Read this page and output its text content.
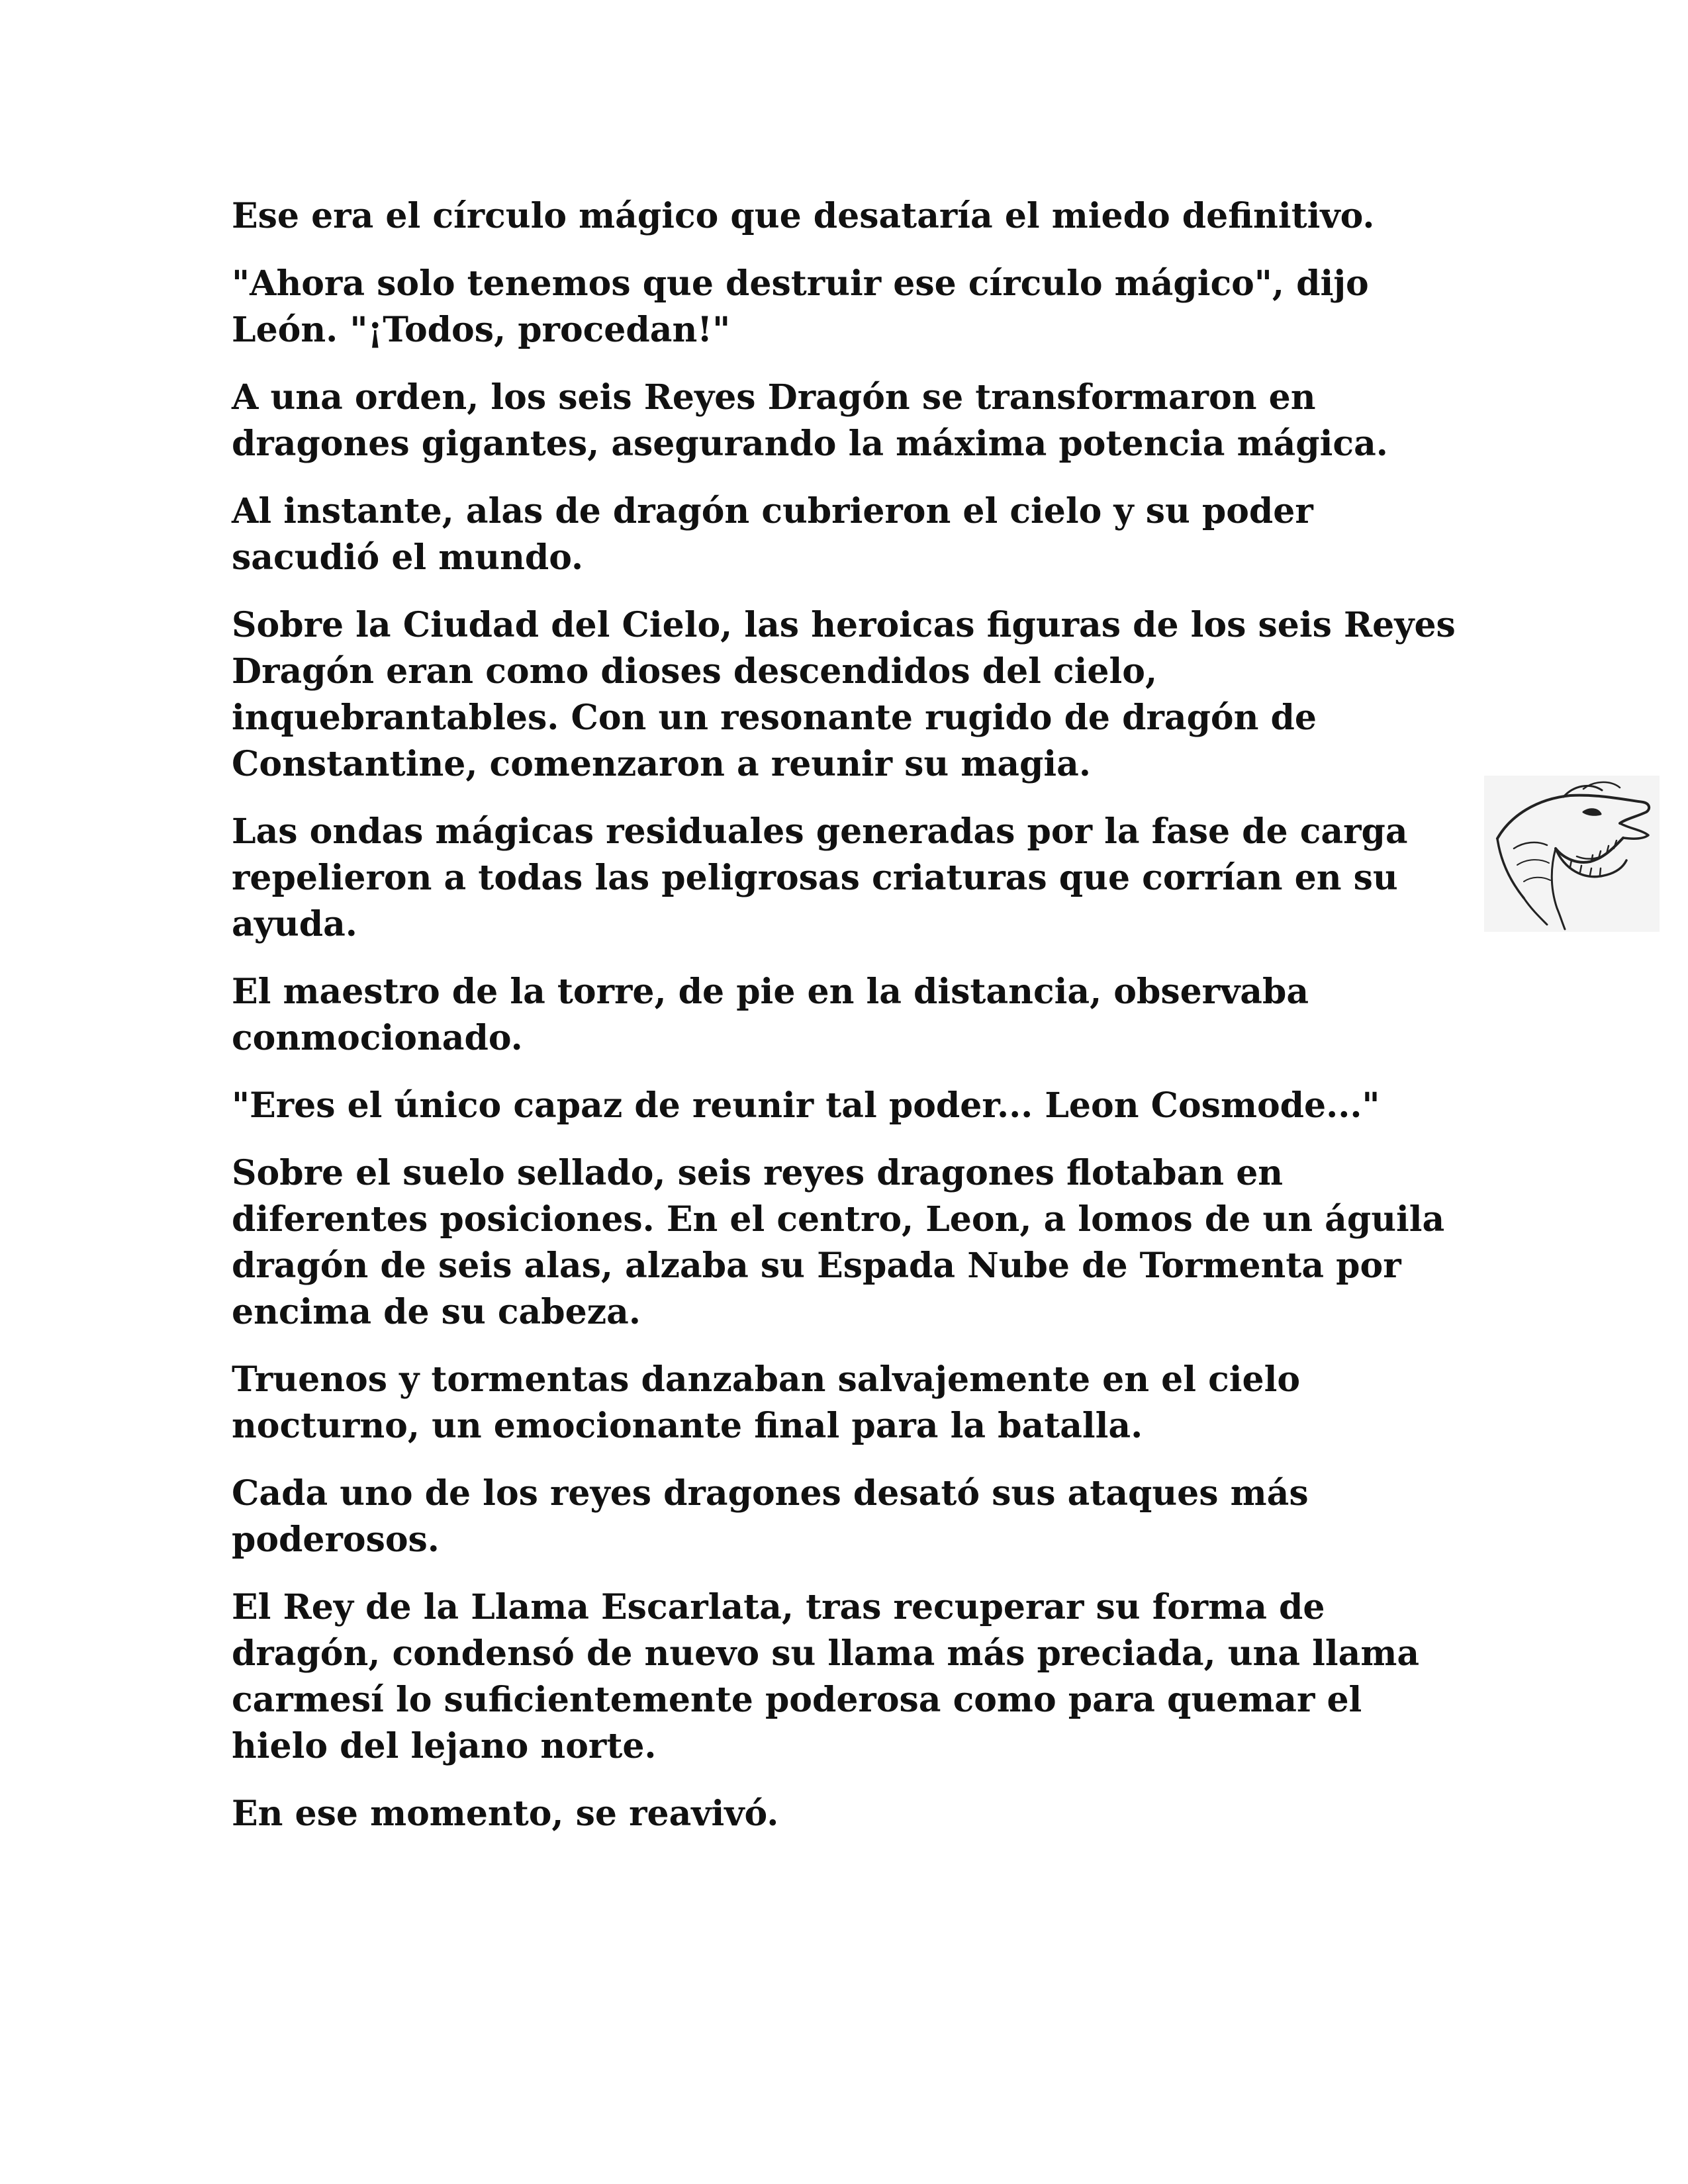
Ese era el círculo mágico que desataría el miedo definitivo.

"Ahora solo tenemos que destruir ese círculo mágico", dijo
León. "¡Todos, procedan!"

A una orden, los seis Reyes Dragón se transformaron en
dragones gigantes, asegurando la máxima potencia mágica.

Al instante, alas de dragón cubrieron el cielo y su poder
sacudió el mundo.

Sobre la Ciudad del Cielo, las heroicas figuras de los seis Reyes
Dragón eran como dioses descendidos del cielo,
inquebrantables. Con un resonante rugido de dragón de
Constantine, comenzaron a reunir su magia.

Las ondas mágicas residuales generadas por la fase de carga
repelieron a todas las peligrosas criaturas que corrían en su
ayuda.

El maestro de la torre, de pie en la distancia, observaba
conmocionado.

"Eres el único capaz de reunir tal poder... Leon Cosmode..."

Sobre el suelo sellado, seis reyes dragones flotaban en
diferentes posiciones. En el centro, Leon, a lomos de un águila
dragón de seis alas, alzaba su Espada Nube de Tormenta por
encima de su cabeza.

Truenos y tormentas danzaban salvajemente en el cielo
nocturno, un emocionante final para la batalla.

Cada uno de los reyes dragones desató sus ataques más
poderosos.

El Rey de la Llama Escarlata, tras recuperar su forma de
dragón, condensó de nuevo su llama más preciada, una llama
carmesí lo suficientemente poderosa como para quemar el
hielo del lejano norte.

En ese momento, se reavivó.
